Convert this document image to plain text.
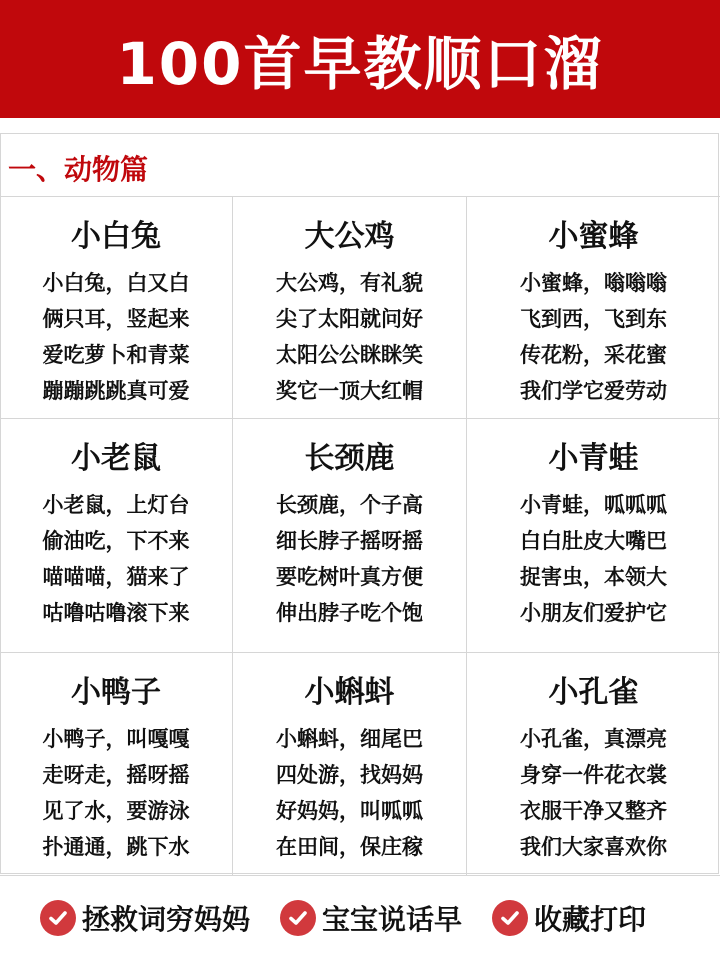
100首早教顺口溜
一、动物篇
小白兔
小白兔，白又白
俩只耳，竖起来
爱吃萝卜和青菜
蹦蹦跳跳真可爱
大公鸡
大公鸡，有礼貌
尖了太阳就问好
太阳公公眯眯笑
奖它一顶大红帽
小蜜蜂
小蜜蜂，嗡嗡嗡
飞到西，飞到东
传花粉，采花蜜
我们学它爱劳动
小老鼠
小老鼠，上灯台
偷油吃，下不来
喵喵喵，猫来了
咕噜咕噜滚下来
长颈鹿
长颈鹿，个子高
细长脖子摇呀摇
要吃树叶真方便
伸出脖子吃个饱
小青蛙
小青蛙，呱呱呱
白白肚皮大嘴巴
捉害虫，本领大
小朋友们爱护它
小鸭子
小鸭子，叫嘎嘎
走呀走，摇呀摇
见了水，要游泳
扑通通，跳下水
小蝌蚪
小蝌蚪，细尾巴
四处游，找妈妈
好妈妈，叫呱呱
在田间，保庄稼
小孔雀
小孔雀，真漂亮
身穿一件花衣裳
衣服干净又整齐
我们大家喜欢你
拯救词穷妈妈	宝宝说话早	收藏打印
